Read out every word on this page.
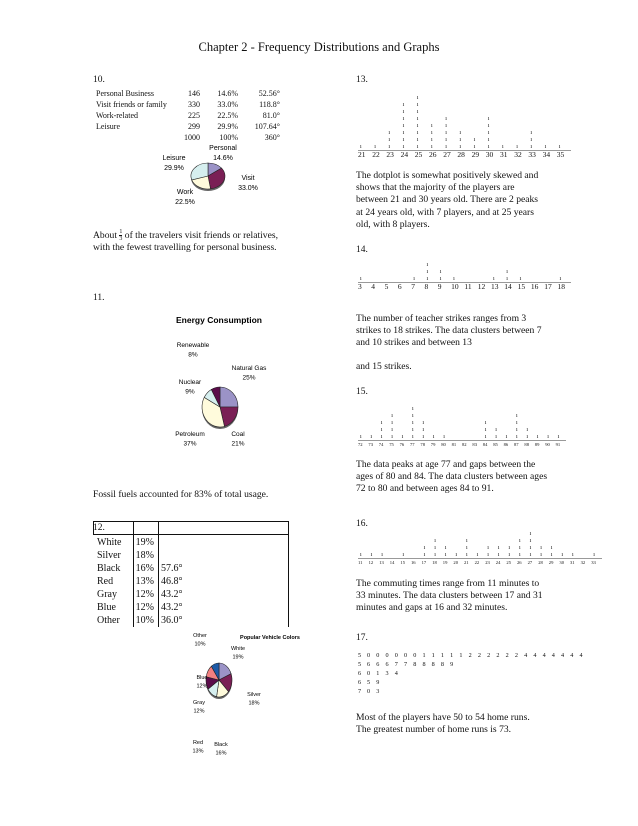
Chapter 2 - Frequency Distributions and Graphs
10.
Personal Business	146	14.6%	52.56°
Visit friends or family	330	33.0%	118.8°
Work-related	225	22.5%	81.0°
Leisure	299	29.9%	107.64°
1000	100%	360°
Personal
14.6%
Visit
33.0%
Work
22.5%
Leisure
29.9%
About $\frac{1}{3}$ of the travelers visit friends or relatives, with the fewest travelling for personal business.
11.
Energy Consumption
Natural Gas
25%
Coal
21%
Petroleum
37%
Nuclear
9%
Renewable
8%
Fossil fuels accounted for 83% of total usage.
12.
White	19%
Silver	18%
Black	16% 57.6°
Red	13% 46.8°
Gray	12% 43.2°
Blue	12% 43.2°
Other	10% 36.0°
Popular Vehicle Colors
White
19%
Silver
18%
Black
16%
Red
13%
Gray
12%
Blue
12%
Other
10%
13.
ı
21
ı
22
ı
ı
ı
23
ı
ı
ı
ı
ı
ı
ı
24
ı
ı
ı
ı
ı
ı
ı
ı
25
ı
ı
ı
ı
26
ı
ı
ı
ı
ı
27
ı
ı
ı
28
ı
ı
29
ı
ı
ı
ı
ı
30
ı
31
ı
32
ı
ı
ı
33
ı
34
ı
35
The dotplot is somewhat positively skewed and shows that the majority of the players are between 21 and 30 years old. There are 2 peaks at 24 years old, with 7 players, and at 25 years old, with 8 players.
14.
ı
3 4 5 6
ı
7
ı
ı
ı
8
ı
ı
9
ı
10 11 12
ı
13
ı
ı
14
ı
15 16 17
ı
18
The number of teacher strikes ranges from 3 strikes to 18 strikes. The data clusters between 7 and 10 strikes and between 13
and 15 strikes.
15.
ı
72
ı
73
ı
ı
ı
74
ı
ı
ı
ı
75
ı
76
ı
ı
ı
ı
ı
77
ı
ı
ı
78
ı
79
ı
80 81 82 83
ı
ı
ı
84
ı
ı
85
ı
86
ı
ı
ı
ı
87
ı
ı
88
ı
89
ı
90
ı
91
The data peaks at age 77 and gaps between the ages of 80 and 84. The data clusters between ages 72 to 80 and between ages 84 to 91.
16.
ı
11
ı
12
ı
13 14
ı
15 16
ı
ı
17
ı
ı
ı
18
ı
ı
19
ı
20
ı
ı
ı
21
ı
22
ı
ı
23
ı
ı
24
ı
ı
25
ı
ı
ı
26
ı
ı
ı
ı
27
ı
ı
28
ı
ı
29
ı
30
ı
31 32
ı
33
The commuting times range from 11 minutes to 33 minutes. The data clusters between 17 and 31 minutes and gaps at 16 and 32 minutes.
17.
5 0 0 0 0 0 0 1 1 1 1 1 2 2 2 2 2 2 4 4 4 4 4 4 4
5 6 6 6 7 7 8 8 8 8 9
6 0 1 3 4
6 5 9
7 0 3
Most of the players have 50 to 54 home runs. The greatest number of home runs is 73.
